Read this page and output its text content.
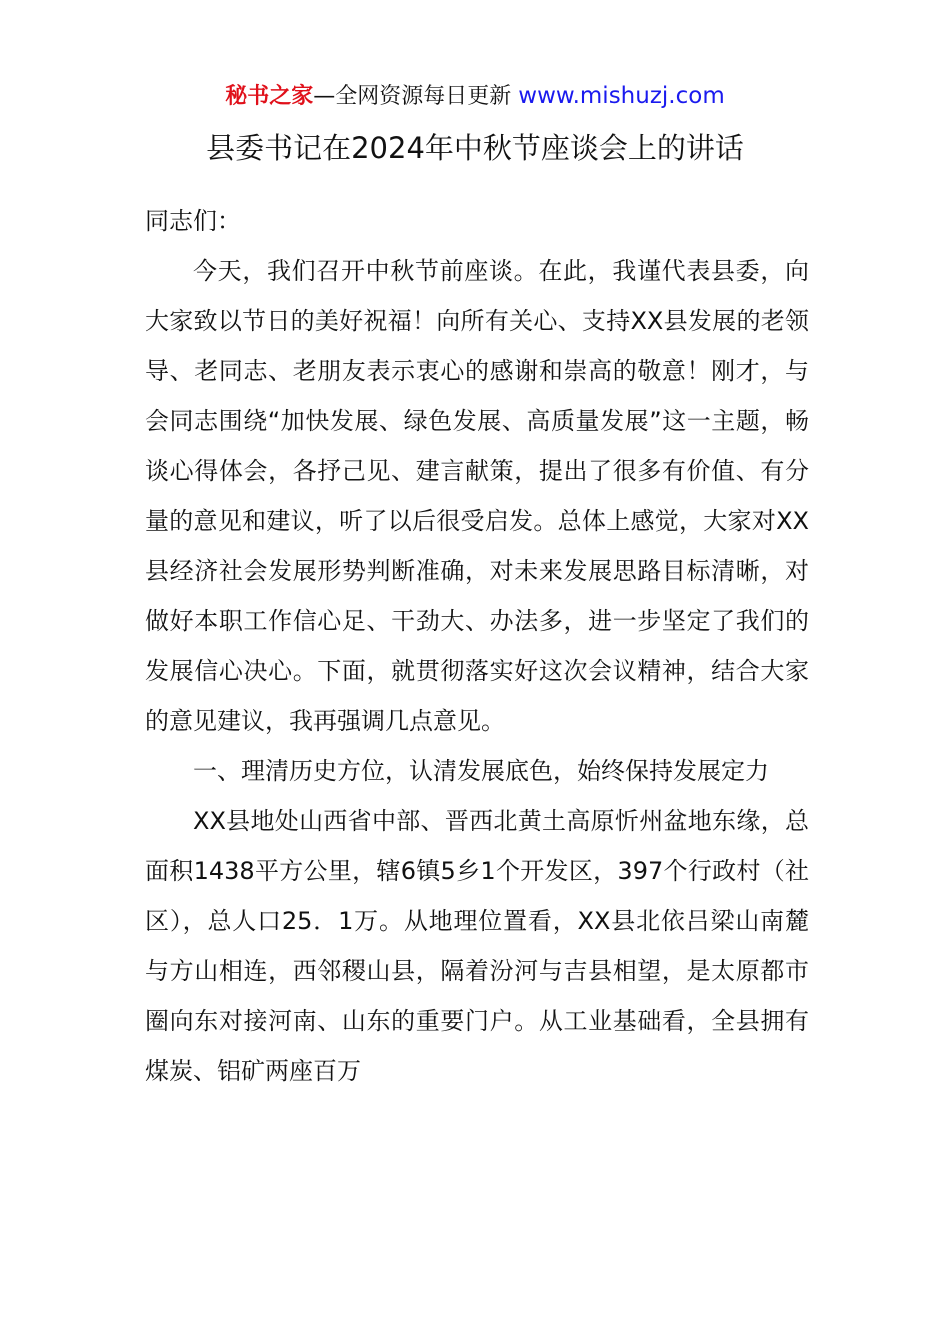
秘书之家—全网资源每日更新 www.mishuzj.com
县委书记在2024年中秋节座谈会上的讲话

同志们：

今天，我们召开中秋节前座谈。在此，我谨代表县委，向大家致以节日的美好祝福！向所有关心、支持XX县发展的老领导、老同志、老朋友表示衷心的感谢和崇高的敬意！刚才，与会同志围绕“加快发展、绿色发展、高质量发展”这一主题，畅谈心得体会，各抒己见、建言献策，提出了很多有价值、有分量的意见和建议，听了以后很受启发。总体上感觉，大家对XX县经济社会发展形势判断准确，对未来发展思路目标清晰，对做好本职工作信心足、干劲大、办法多，进一步坚定了我们的发展信心决心。下面，就贯彻落实好这次会议精神，结合大家的意见建议，我再强调几点意见。

一、理清历史方位，认清发展底色，始终保持发展定力

XX县地处山西省中部、晋西北黄土高原忻州盆地东缘，总面积1438平方公里，辖6镇5乡1个开发区，397个行政村（社区），总人口25．1万。从地理位置看，XX县北依吕梁山南麓与方山相连，西邻稷山县，隔着汾河与吉县相望，是太原都市圈向东对接河南、山东的重要门户。从工业基础看，全县拥有煤炭、铝矿两座百万
